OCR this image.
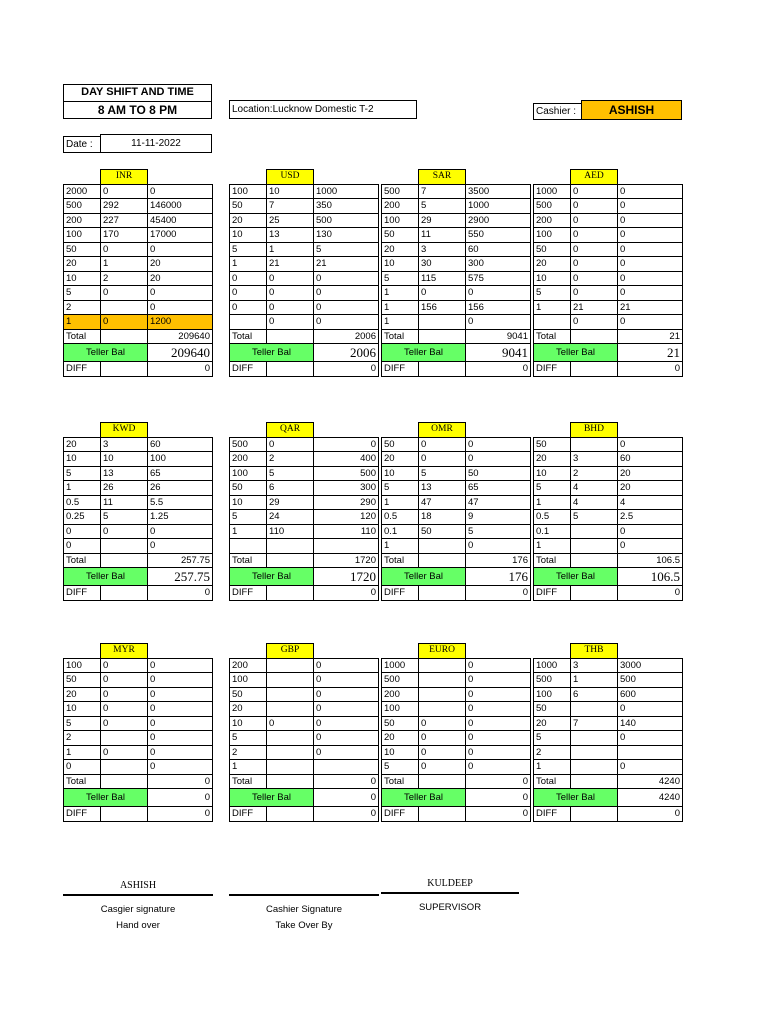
DAY SHIFT AND TIME
8 AM TO 8 PM	Location:Lucknow Domestic T-2	Cashier :	ASHISH
Date :	11-11-2022
	INR	
2000	0	0
500	292	146000
200	227	45400
100	170	17000
50	0	0
20	1	20
10	2	20
5	0	0
2		0
1	0	1200
Total		209640
Teller Bal		209640
DIFF		0
	USD	
100	10	1000
50	7	350
20	25	500
10	13	130
5	1	5
1	21	21
0	0	0
0	0	0
0	0	0
	0	0
Total		2006
Teller Bal		2006
DIFF		0
	SAR	
500	7	3500
200	5	1000
100	29	2900
50	11	550
20	3	60
10	30	300
5	115	575
1	0	0
1	156	156
1		0
Total		9041
Teller Bal		9041
DIFF		0
	AED	
1000	0	0
500	0	0
200	0	0
100	0	0
50	0	0
20	0	0
10	0	0
5	0	0
1	21	21
	0	0
Total		21
Teller Bal		21
DIFF		0
	KWD	
20	3	60
10	10	100
5	13	65
1	26	26
0.5	11	5.5
0.25	5	1.25
0	0	0
0		0
Total		257.75
Teller Bal		257.75
DIFF		0
	QAR	
500	0	0
200	2	400
100	5	500
50	6	300
10	29	290
5	24	120
1	110	110

Total		1720
Teller Bal		1720
DIFF		0
	OMR	
50	0	0
20	0	0
10	5	50
5	13	65
1	47	47
0.5	18	9
0.1	50	5
1		0
Total		176
Teller Bal		176
DIFF		0
	BHD	
50		0
20	3	60
10	2	20
5	4	20
1	4	4
0.5	5	2.5
0.1		0
1		0
Total		106.5
Teller Bal		106.5
DIFF		0
	MYR	
100	0	0
50	0	0
20	0	0
10	0	0
5	0	0
2		0
1	0	0
0		0
Total		0
Teller Bal		0
DIFF		0
	GBP	
200		0
100		0
50		0
20		0
10	0	0
5		0
2		0
1		
Total		0
Teller Bal		0
DIFF		0
	EURO	
1000		0
500		0
200		0
100		0
50	0	0
20	0	0
10	0	0
5	0	0
Total		0
Teller Bal		0
DIFF		0
	THB	
1000	3	3000
500	1	500
100	6	600
50		0
20	7	140
5		0
2		
1		0
Total		4240
Teller Bal		4240
DIFF		0
ASHISH
Casgier signature
Hand over
Cashier Signature
Take Over By
KULDEEP
SUPERVISOR
